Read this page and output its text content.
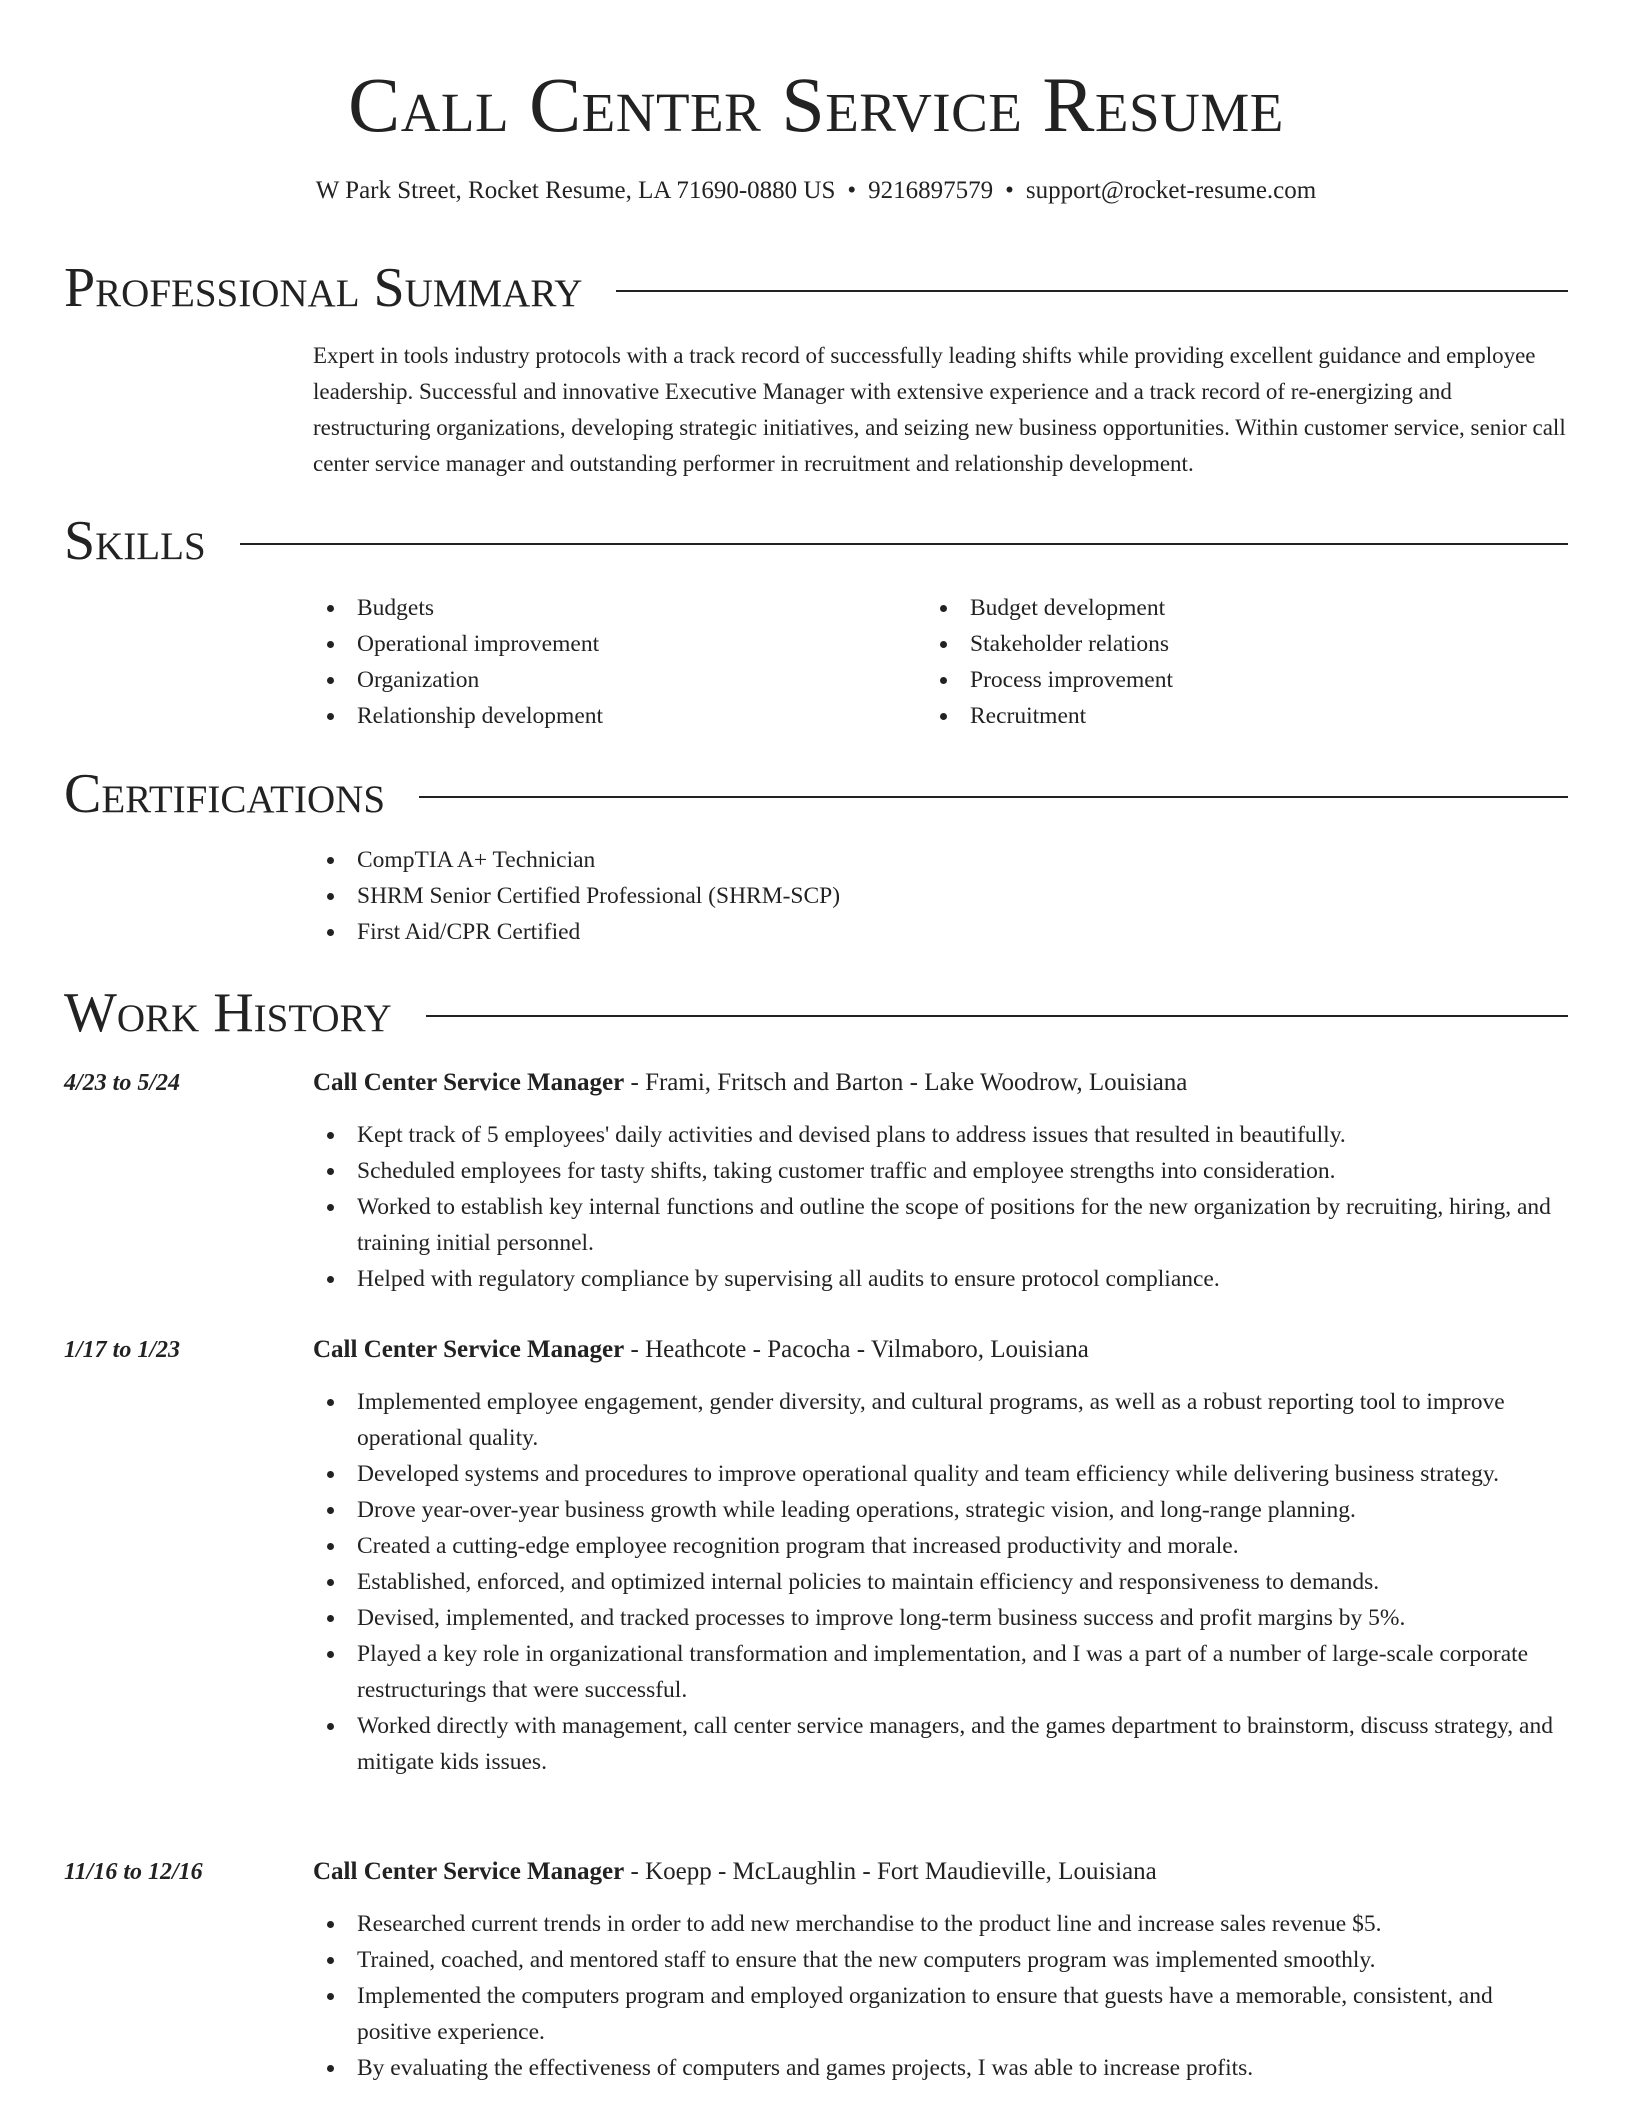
Call Center Service Resume
W Park Street, Rocket Resume, LA 71690-0880 US • 9216897579 • support@rocket-resume.com
Professional Summary
Expert in tools industry protocols with a track record of successfully leading shifts while providing excellent guidance and employee leadership. Successful and innovative Executive Manager with extensive experience and a track record of re-energizing and restructuring organizations, developing strategic initiatives, and seizing new business opportunities. Within customer service, senior call center service manager and outstanding performer in recruitment and relationship development.
Skills
Budgets
Operational improvement
Organization
Relationship development
Budget development
Stakeholder relations
Process improvement
Recruitment
Certifications
CompTIA A+ Technician
SHRM Senior Certified Professional (SHRM-SCP)
First Aid/CPR Certified
Work History
4/23 to 5/24	Call Center Service Manager - Frami, Fritsch and Barton - Lake Woodrow, Louisiana
Kept track of 5 employees' daily activities and devised plans to address issues that resulted in beautifully.
Scheduled employees for tasty shifts, taking customer traffic and employee strengths into consideration.
Worked to establish key internal functions and outline the scope of positions for the new organization by recruiting, hiring, and training initial personnel.
Helped with regulatory compliance by supervising all audits to ensure protocol compliance.
1/17 to 1/23	Call Center Service Manager - Heathcote - Pacocha - Vilmaboro, Louisiana
Implemented employee engagement, gender diversity, and cultural programs, as well as a robust reporting tool to improve operational quality.
Developed systems and procedures to improve operational quality and team efficiency while delivering business strategy.
Drove year-over-year business growth while leading operations, strategic vision, and long-range planning.
Created a cutting-edge employee recognition program that increased productivity and morale.
Established, enforced, and optimized internal policies to maintain efficiency and responsiveness to demands.
Devised, implemented, and tracked processes to improve long-term business success and profit margins by 5%.
Played a key role in organizational transformation and implementation, and I was a part of a number of large-scale corporate restructurings that were successful.
Worked directly with management, call center service managers, and the games department to brainstorm, discuss strategy, and mitigate kids issues.
11/16 to 12/16	Call Center Service Manager - Koepp - McLaughlin - Fort Maudieville, Louisiana
Researched current trends in order to add new merchandise to the product line and increase sales revenue $5.
Trained, coached, and mentored staff to ensure that the new computers program was implemented smoothly.
Implemented the computers program and employed organization to ensure that guests have a memorable, consistent, and positive experience.
By evaluating the effectiveness of computers and games projects, I was able to increase profits.
